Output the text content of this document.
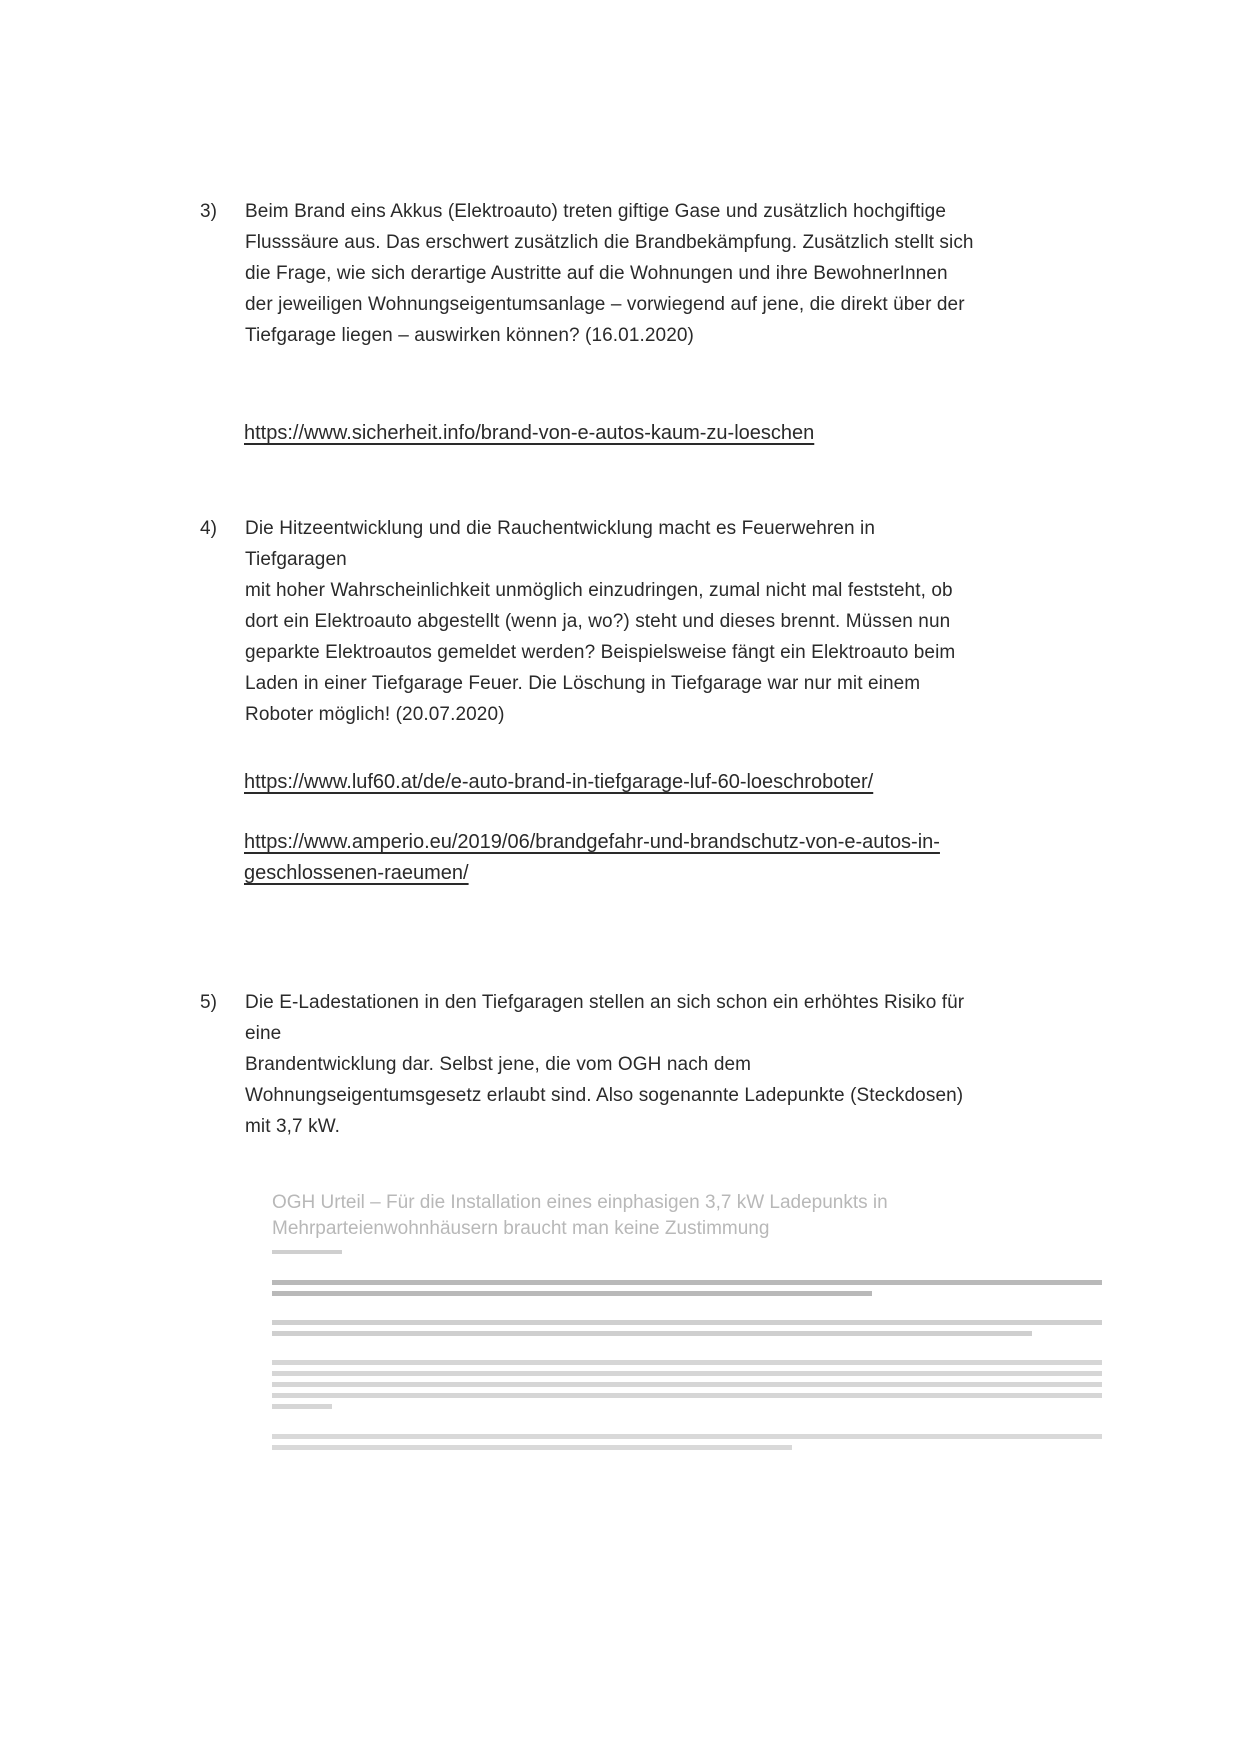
3) Beim Brand eins Akkus (Elektroauto) treten giftige Gase und zusätzlich hochgiftige

Flusssäure aus. Das erschwert zusätzlich die Brandbekämpfung. Zusätzlich stellt sich

die Frage, wie sich derartige Austritte auf die Wohnungen und ihre BewohnerInnen

der jeweiligen Wohnungseigentumsanlage – vorwiegend auf jene, die direkt über der

Tiefgarage liegen – auswirken können? (16.01.2020)

https://www.sicherheit.info/brand-von-e-autos-kaum-zu-loeschen
4) Die Hitzeentwicklung und die Rauchentwicklung macht es Feuerwehren in

Tiefgaragen

mit hoher Wahrscheinlichkeit unmöglich einzudringen, zumal nicht mal feststeht, ob

dort ein Elektroauto abgestellt (wenn ja, wo?) steht und dieses brennt. Müssen nun

geparkte Elektroautos gemeldet werden? Beispielsweise fängt ein Elektroauto beim

Laden in einer Tiefgarage Feuer. Die Löschung in Tiefgarage war nur mit einem

Roboter möglich! (20.07.2020)

https://www.luf60.at/de/e-auto-brand-in-tiefgarage-luf-60-loeschroboter/
https://www.amperio.eu/2019/06/brandgefahr-und-brandschutz-von-e-autos-in-
geschlossenen-raeumen/
5) Die E-Ladestationen in den Tiefgaragen stellen an sich schon ein erhöhtes Risiko für

eine

Brandentwicklung dar. Selbst jene, die vom OGH nach dem

Wohnungseigentumsgesetz erlaubt sind. Also sogenannte Ladepunkte (Steckdosen)

mit 3,7 kW.

OGH Urteil – Für die Installation eines einphasigen 3,7 kW Ladepunkts in

Mehrparteienwohnhäusern braucht man keine Zustimmung
